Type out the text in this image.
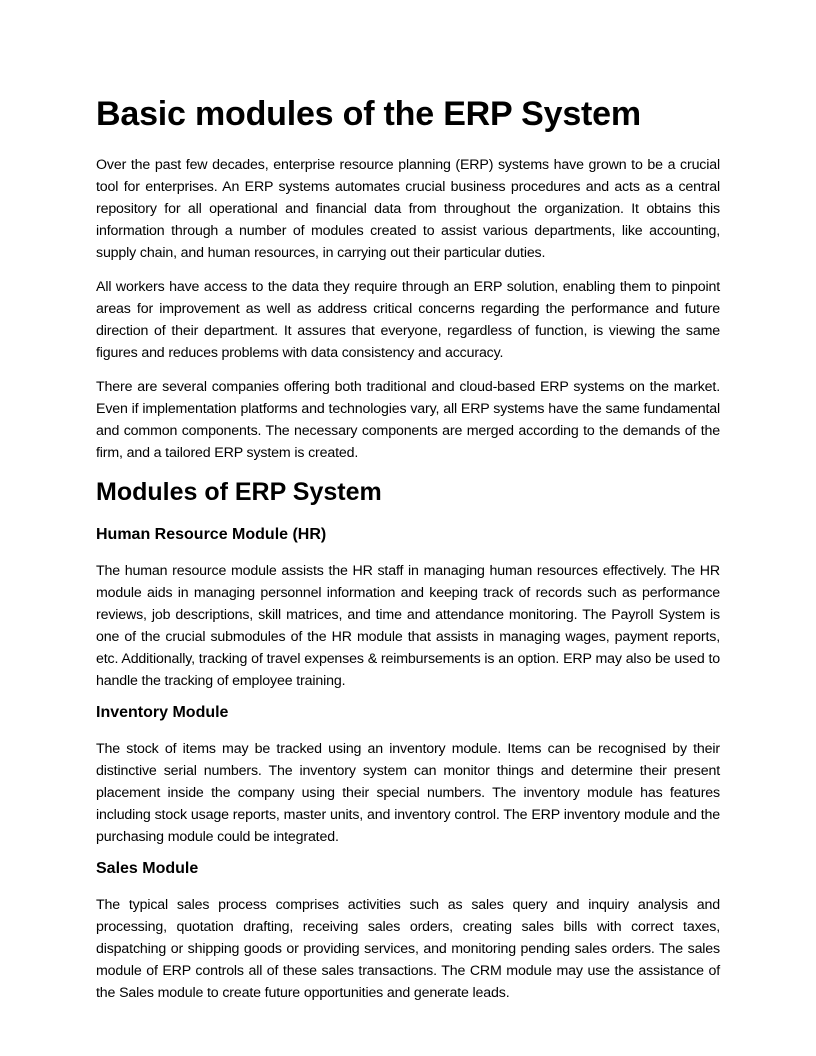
Basic modules of the ERP System

Over the past few decades, enterprise resource planning (ERP) systems have grown to be a crucial tool for enterprises. An ERP systems automates crucial business procedures and acts as a central repository for all operational and financial data from throughout the organization. It obtains this information through a number of modules created to assist various departments, like accounting, supply chain, and human resources, in carrying out their particular duties.

All workers have access to the data they require through an ERP solution, enabling them to pinpoint areas for improvement as well as address critical concerns regarding the performance and future direction of their department. It assures that everyone, regardless of function, is viewing the same figures and reduces problems with data consistency and accuracy.

There are several companies offering both traditional and cloud-based ERP systems on the market. Even if implementation platforms and technologies vary, all ERP systems have the same fundamental and common components. The necessary components are merged according to the demands of the firm, and a tailored ERP system is created.

Modules of ERP System
Human Resource Module (HR)

The human resource module assists the HR staff in managing human resources effectively. The HR module aids in managing personnel information and keeping track of records such as performance reviews, job descriptions, skill matrices, and time and attendance monitoring. The Payroll System is one of the crucial submodules of the HR module that assists in managing wages, payment reports, etc. Additionally, tracking of travel expenses & reimbursements is an option. ERP may also be used to handle the tracking of employee training.

Inventory Module

The stock of items may be tracked using an inventory module. Items can be recognised by their distinctive serial numbers. The inventory system can monitor things and determine their present placement inside the company using their special numbers. The inventory module has features including stock usage reports, master units, and inventory control. The ERP inventory module and the purchasing module could be integrated.

Sales Module

The typical sales process comprises activities such as sales query and inquiry analysis and processing, quotation drafting, receiving sales orders, creating sales bills with correct taxes, dispatching or shipping goods or providing services, and monitoring pending sales orders. The sales module of ERP controls all of these sales transactions. The CRM module may use the assistance of the Sales module to create future opportunities and generate leads.
